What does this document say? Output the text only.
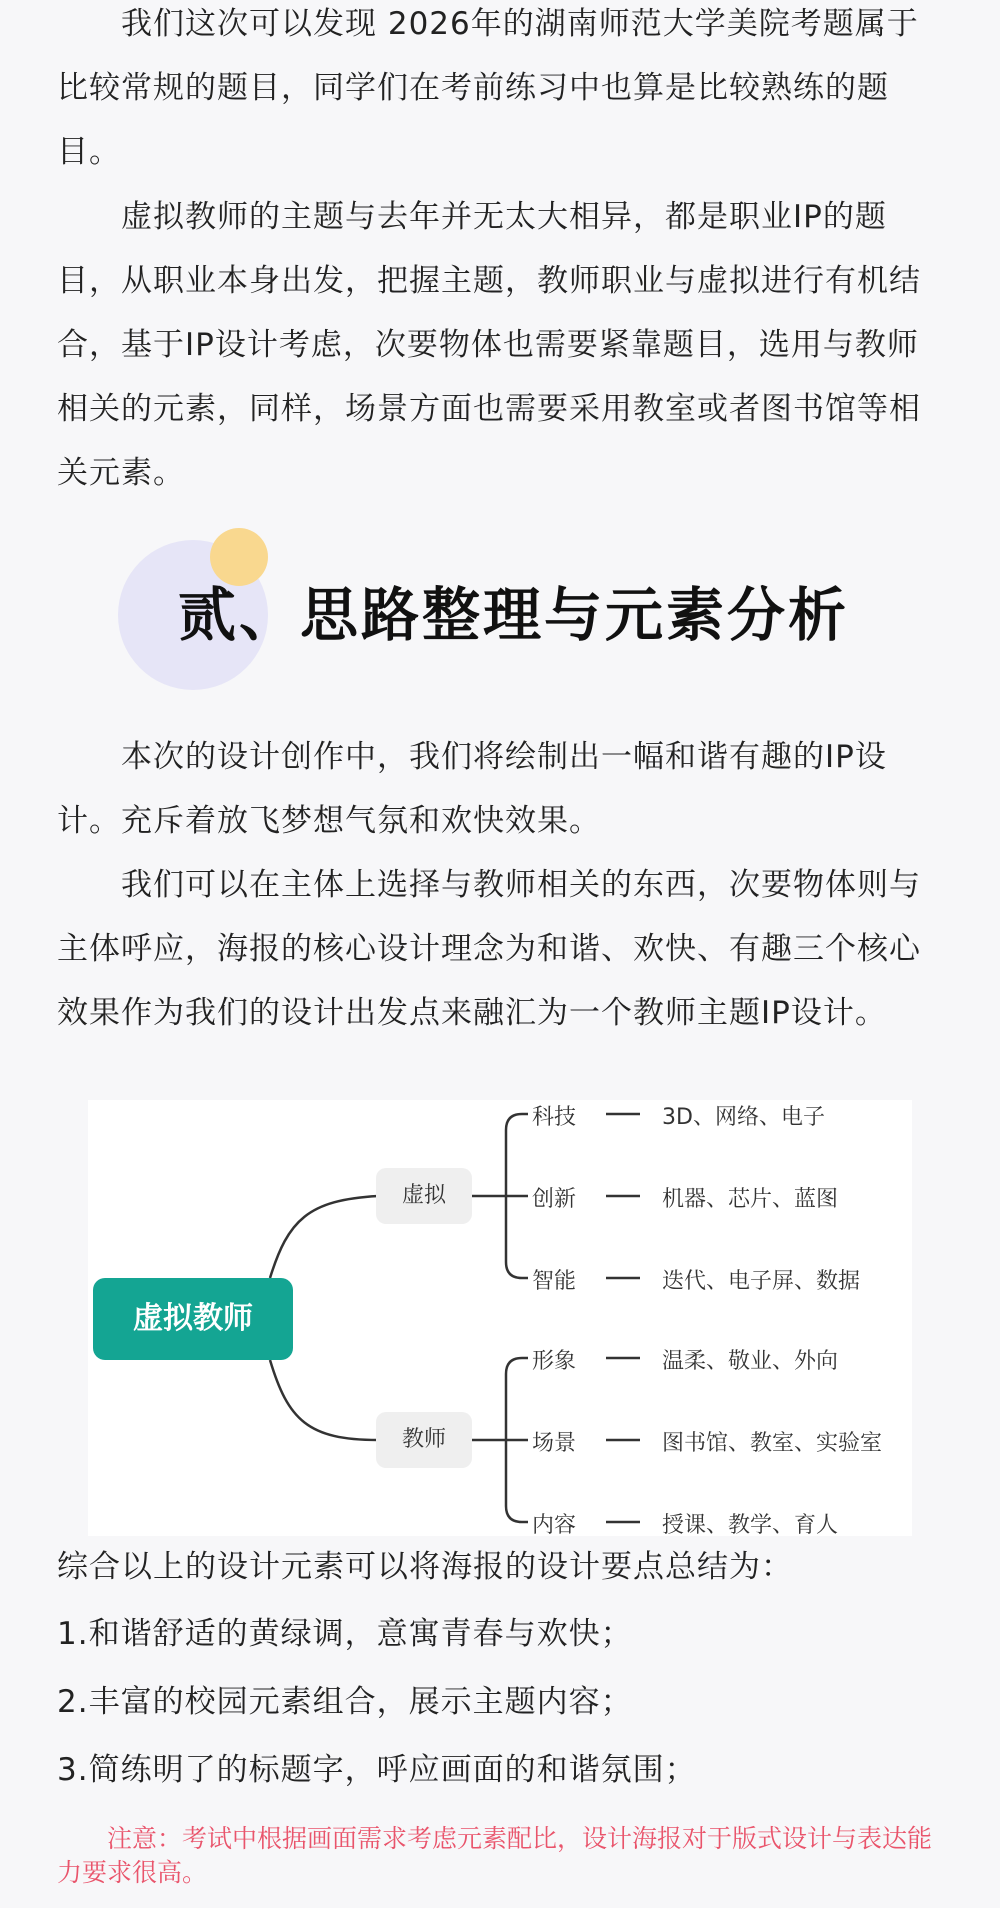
我们这次可以发现 2026年的湖南师范大学美院考题属于比较常规的题目，同学们在考前练习中也算是比较熟练的题目。

虚拟教师的主题与去年并无太大相异，都是职业IP的题目，从职业本身出发，把握主题，教师职业与虚拟进行有机结合，基于IP设计考虑，次要物体也需要紧靠题目，选用与教师相关的元素，同样，场景方面也需要采用教室或者图书馆等相关元素。

贰、思路整理与元素分析

本次的设计创作中，我们将绘制出一幅和谐有趣的IP设计。充斥着放飞梦想气氛和欢快效果。

我们可以在主体上选择与教师相关的东西，次要物体则与主体呼应，海报的核心设计理念为和谐、欢快、有趣三个核心效果作为我们的设计出发点来融汇为一个教师主题IP设计。

虚拟教师
虚拟
教师
科技	3D、网络、电子
创新	机器、芯片、蓝图
智能	迭代、电子屏、数据
形象	温柔、敬业、外向
场景	图书馆、教室、实验室
内容	授课、教学、育人

综合以上的设计元素可以将海报的设计要点总结为：

1.和谐舒适的黄绿调，意寓青春与欢快；

2.丰富的校园元素组合，展示主题内容；

3.简练明了的标题字，呼应画面的和谐氛围；

注意：考试中根据画面需求考虑元素配比，设计海报对于版式设计与表达能力要求很高。
